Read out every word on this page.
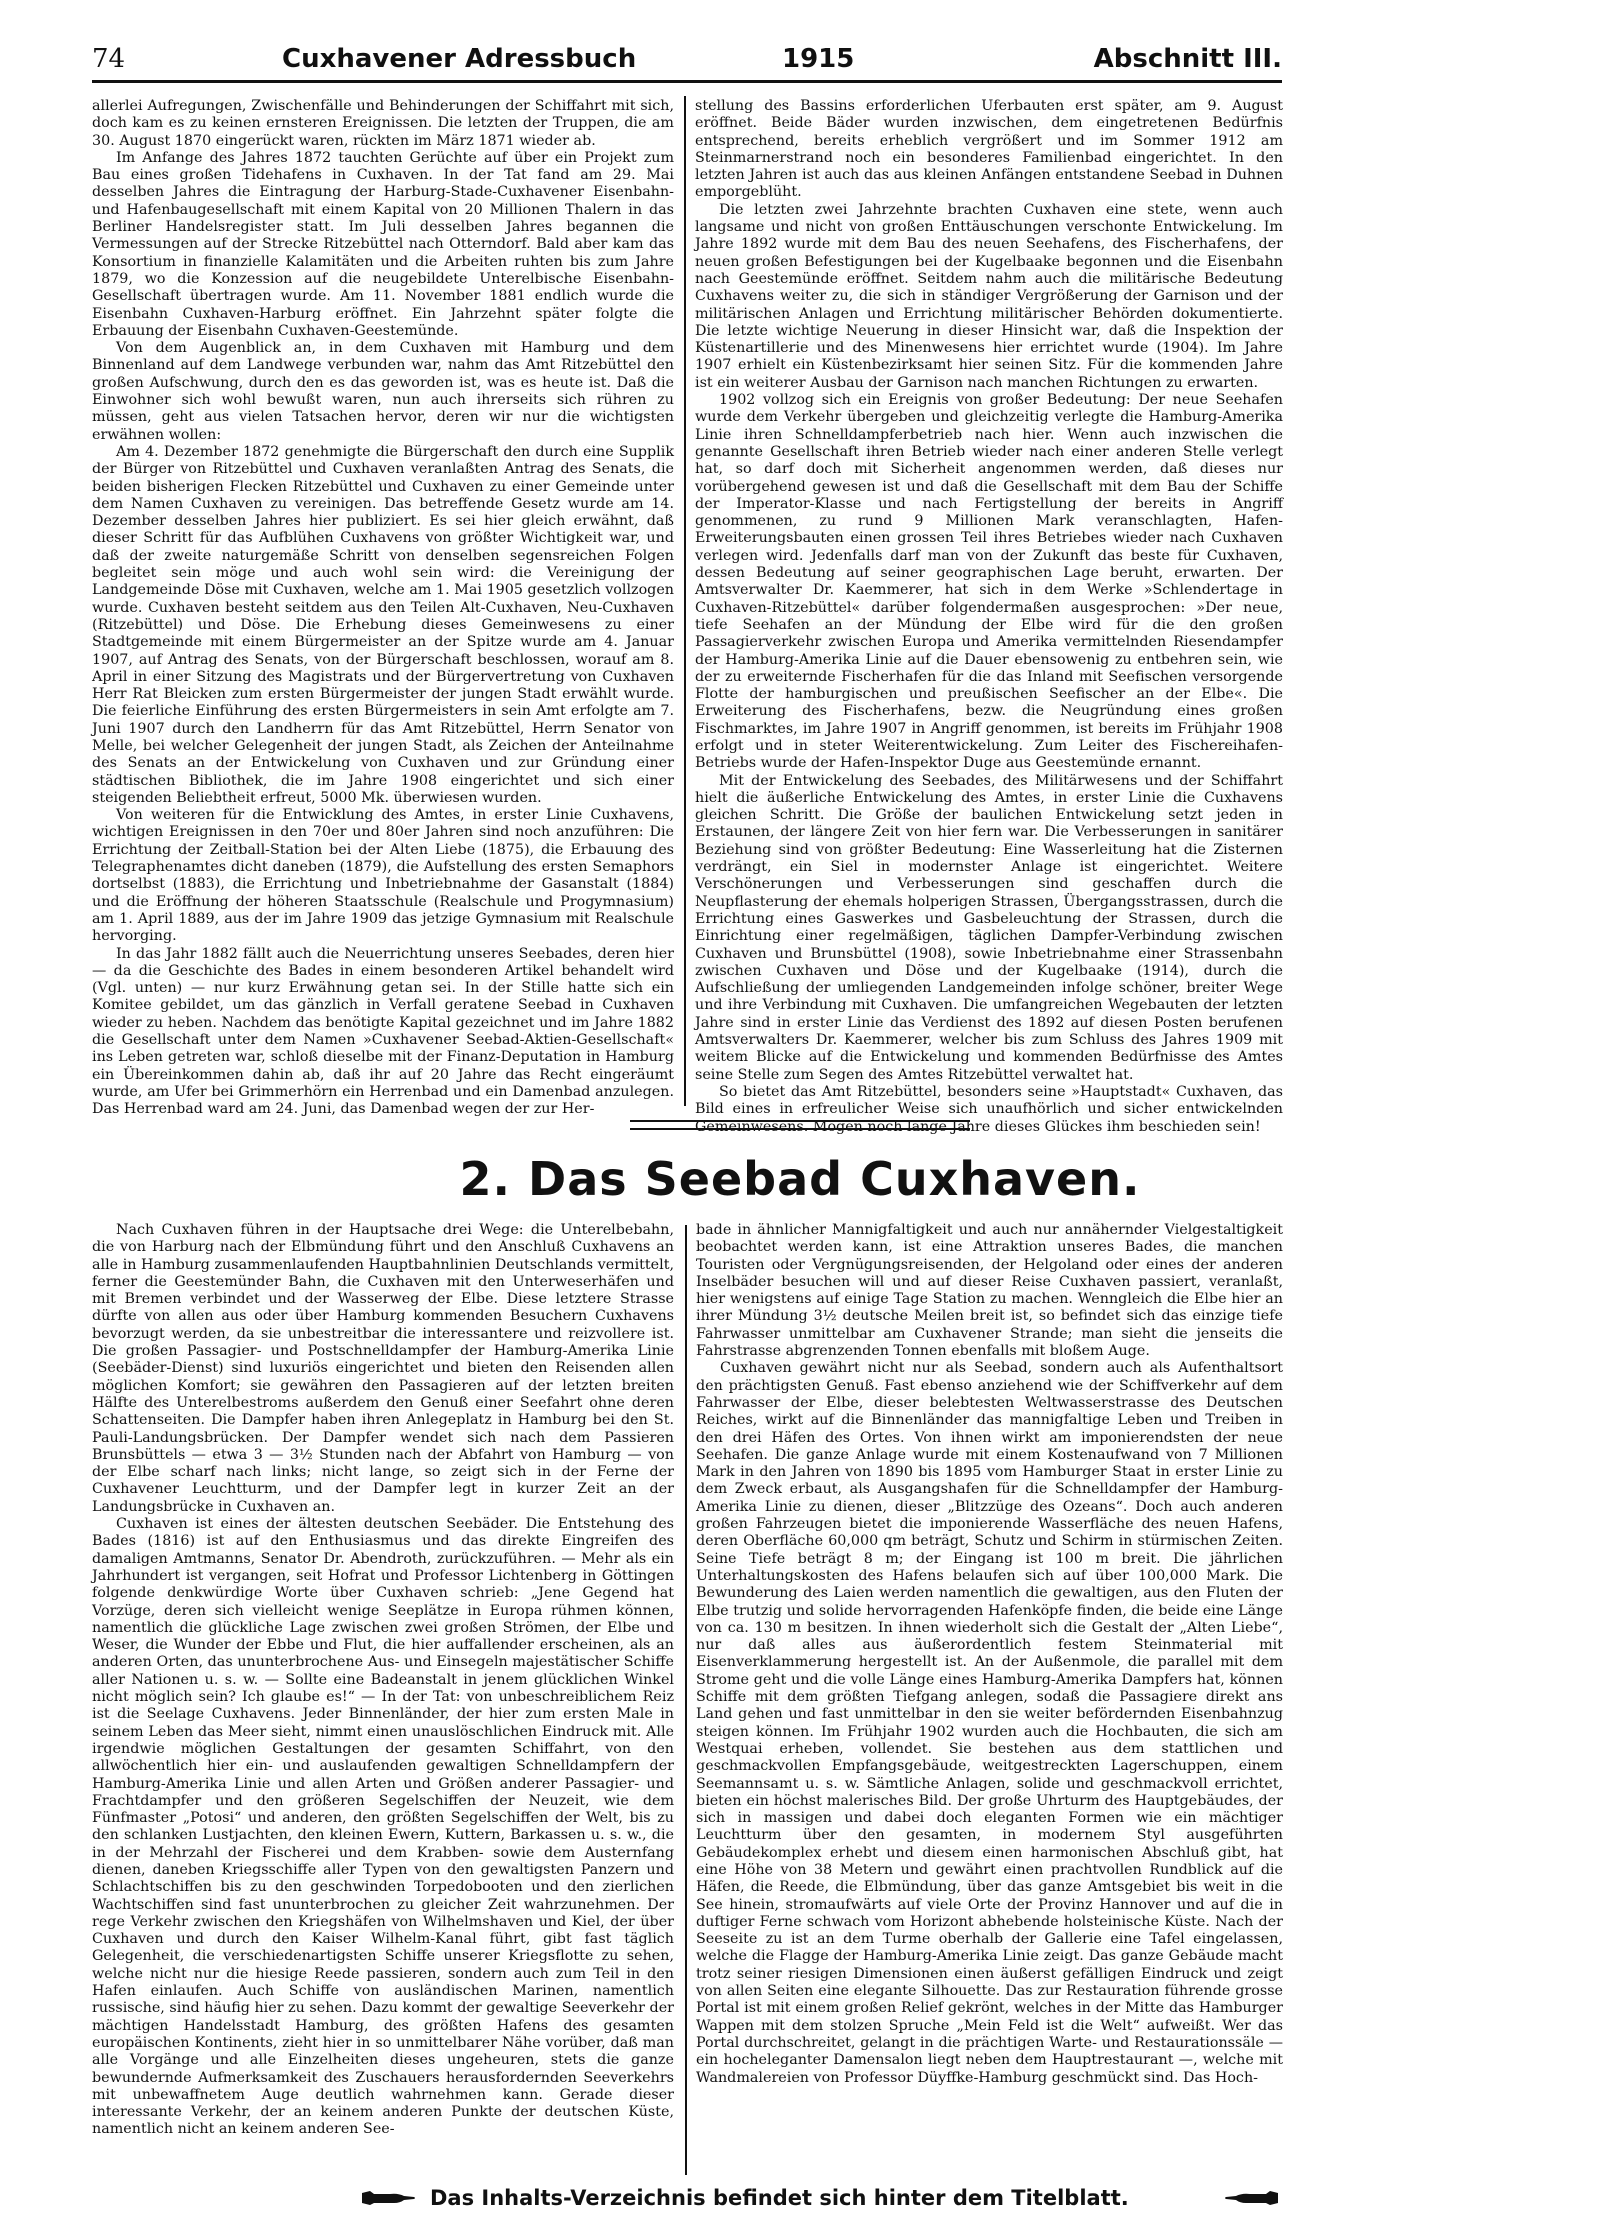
74	Cuxhavener Adressbuch	1915	Abschnitt III.

allerlei Aufregungen, Zwischenfälle und Behinderungen der Schiffahrt mit sich, doch kam es zu keinen ernsteren Ereignissen. Die letzten der Truppen, die am 30. August 1870 eingerückt waren, rückten im März 1871 wieder ab.

Im Anfange des Jahres 1872 tauchten Gerüchte auf über ein Projekt zum Bau eines großen Tidehafens in Cuxhaven. In der Tat fand am 29. Mai desselben Jahres die Eintragung der Harburg-Stade-Cuxhavener Eisenbahn- und Hafenbaugesellschaft mit einem Kapital von 20 Millionen Thalern in das Berliner Handelsregister statt. Im Juli desselben Jahres begannen die Vermessungen auf der Strecke Ritzebüttel nach Otterndorf. Bald aber kam das Konsortium in finanzielle Kalamitäten und die Arbeiten ruhten bis zum Jahre 1879, wo die Konzession auf die neugebildete Unterelbische Eisenbahn-Gesellschaft übertragen wurde. Am 11. November 1881 endlich wurde die Eisenbahn Cuxhaven-Harburg eröffnet. Ein Jahrzehnt später folgte die Erbauung der Eisenbahn Cuxhaven-Geestemünde.

Von dem Augenblick an, in dem Cuxhaven mit Hamburg und dem Binnenland auf dem Landwege verbunden war, nahm das Amt Ritzebüttel den großen Aufschwung, durch den es das geworden ist, was es heute ist. Daß die Einwohner sich wohl bewußt waren, nun auch ihrerseits sich rühren zu müssen, geht aus vielen Tatsachen hervor, deren wir nur die wichtigsten erwähnen wollen:

Am 4. Dezember 1872 genehmigte die Bürgerschaft den durch eine Supplik der Bürger von Ritzebüttel und Cuxhaven veranlaßten Antrag des Senats, die beiden bisherigen Flecken Ritzebüttel und Cuxhaven zu einer Gemeinde unter dem Namen Cuxhaven zu vereinigen. Das betreffende Gesetz wurde am 14. Dezember desselben Jahres hier publiziert. Es sei hier gleich erwähnt, daß dieser Schritt für das Aufblühen Cuxhavens von größter Wichtigkeit war, und daß der zweite naturgemäße Schritt von denselben segensreichen Folgen begleitet sein möge und auch wohl sein wird: die Vereinigung der Landgemeinde Döse mit Cuxhaven, welche am 1. Mai 1905 gesetzlich vollzogen wurde. Cuxhaven besteht seitdem aus den Teilen Alt-Cuxhaven, Neu-Cuxhaven (Ritzebüttel) und Döse. Die Erhebung dieses Gemeinwesens zu einer Stadtgemeinde mit einem Bürgermeister an der Spitze wurde am 4. Januar 1907, auf Antrag des Senats, von der Bürgerschaft beschlossen, worauf am 8. April in einer Sitzung des Magistrats und der Bürgervertretung von Cuxhaven Herr Rat Bleicken zum ersten Bürgermeister der jungen Stadt erwählt wurde. Die feierliche Einführung des ersten Bürgermeisters in sein Amt erfolgte am 7. Juni 1907 durch den Landherrn für das Amt Ritzebüttel, Herrn Senator von Melle, bei welcher Gelegenheit der jungen Stadt, als Zeichen der Anteilnahme des Senats an der Entwickelung von Cuxhaven und zur Gründung einer städtischen Bibliothek, die im Jahre 1908 eingerichtet und sich einer steigenden Beliebtheit erfreut, 5000 Mk. überwiesen wurden.

Von weiteren für die Entwicklung des Amtes, in erster Linie Cuxhavens, wichtigen Ereignissen in den 70er und 80er Jahren sind noch anzuführen: Die Errichtung der Zeitball-Station bei der Alten Liebe (1875), die Erbauung des Telegraphenamtes dicht daneben (1879), die Aufstellung des ersten Semaphors dortselbst (1883), die Errichtung und Inbetriebnahme der Gasanstalt (1884) und die Eröffnung der höheren Staatsschule (Realschule und Progymnasium) am 1. April 1889, aus der im Jahre 1909 das jetzige Gymnasium mit Realschule hervorging.

In das Jahr 1882 fällt auch die Neuerrichtung unseres Seebades, deren hier — da die Geschichte des Bades in einem besonderen Artikel behandelt wird (Vgl. unten) — nur kurz Erwähnung getan sei. In der Stille hatte sich ein Komitee gebildet, um das gänzlich in Verfall geratene Seebad in Cuxhaven wieder zu heben. Nachdem das benötigte Kapital gezeichnet und im Jahre 1882 die Gesellschaft unter dem Namen »Cuxhavener Seebad-Aktien-Gesellschaft« ins Leben getreten war, schloß dieselbe mit der Finanz-Deputation in Hamburg ein Übereinkommen dahin ab, daß ihr auf 20 Jahre das Recht eingeräumt wurde, am Ufer bei Grimmerhörn ein Herrenbad und ein Damenbad anzulegen. Das Herrenbad ward am 24. Juni, das Damenbad wegen der zur Her-

stellung des Bassins erforderlichen Uferbauten erst später, am 9. August eröffnet. Beide Bäder wurden inzwischen, dem eingetretenen Bedürfnis entsprechend, bereits erheblich vergrößert und im Sommer 1912 am Steinmarnerstrand noch ein besonderes Familienbad eingerichtet. In den letzten Jahren ist auch das aus kleinen Anfängen entstandene Seebad in Duhnen emporgeblüht.

Die letzten zwei Jahrzehnte brachten Cuxhaven eine stete, wenn auch langsame und nicht von großen Enttäuschungen verschonte Entwickelung. Im Jahre 1892 wurde mit dem Bau des neuen Seehafens, des Fischerhafens, der neuen großen Befestigungen bei der Kugelbaake begonnen und die Eisenbahn nach Geestemünde eröffnet. Seitdem nahm auch die militärische Bedeutung Cuxhavens weiter zu, die sich in ständiger Vergrößerung der Garnison und der militärischen Anlagen und Errichtung militärischer Behörden dokumentierte. Die letzte wichtige Neuerung in dieser Hinsicht war, daß die Inspektion der Küstenartillerie und des Minenwesens hier errichtet wurde (1904). Im Jahre 1907 erhielt ein Küstenbezirksamt hier seinen Sitz. Für die kommenden Jahre ist ein weiterer Ausbau der Garnison nach manchen Richtungen zu erwarten.

1902 vollzog sich ein Ereignis von großer Bedeutung: Der neue Seehafen wurde dem Verkehr übergeben und gleichzeitig verlegte die Hamburg-Amerika Linie ihren Schnelldampferbetrieb nach hier. Wenn auch inzwischen die genannte Gesellschaft ihren Betrieb wieder nach einer anderen Stelle verlegt hat, so darf doch mit Sicherheit angenommen werden, daß dieses nur vorübergehend gewesen ist und daß die Gesellschaft mit dem Bau der Schiffe der Imperator-Klasse und nach Fertigstellung der bereits in Angriff genommenen, zu rund 9 Millionen Mark veranschlagten, Hafen-Erweiterungsbauten einen grossen Teil ihres Betriebes wieder nach Cuxhaven verlegen wird. Jedenfalls darf man von der Zukunft das beste für Cuxhaven, dessen Bedeutung auf seiner geographischen Lage beruht, erwarten. Der Amtsverwalter Dr. Kaemmerer, hat sich in dem Werke »Schlendertage in Cuxhaven-Ritzebüttel« darüber folgendermaßen ausgesprochen: »Der neue, tiefe Seehafen an der Mündung der Elbe wird für die den großen Passagierverkehr zwischen Europa und Amerika vermittelnden Riesendampfer der Hamburg-Amerika Linie auf die Dauer ebensowenig zu entbehren sein, wie der zu erweiternde Fischerhafen für die das Inland mit Seefischen versorgende Flotte der hamburgischen und preußischen Seefischer an der Elbe«. Die Erweiterung des Fischerhafens, bezw. die Neugründung eines großen Fischmarktes, im Jahre 1907 in Angriff genommen, ist bereits im Frühjahr 1908 erfolgt und in steter Weiterentwickelung. Zum Leiter des Fischereihafen-Betriebs wurde der Hafen-Inspektor Duge aus Geestemünde ernannt.

Mit der Entwickelung des Seebades, des Militärwesens und der Schiffahrt hielt die äußerliche Entwickelung des Amtes, in erster Linie die Cuxhavens gleichen Schritt. Die Größe der baulichen Entwickelung setzt jeden in Erstaunen, der längere Zeit von hier fern war. Die Verbesserungen in sanitärer Beziehung sind von größter Bedeutung: Eine Wasserleitung hat die Zisternen verdrängt, ein Siel in modernster Anlage ist eingerichtet. Weitere Verschönerungen und Verbesserungen sind geschaffen durch die Neupflasterung der ehemals holperigen Strassen, Übergangsstrassen, durch die Errichtung eines Gaswerkes und Gasbeleuchtung der Strassen, durch die Einrichtung einer regelmäßigen, täglichen Dampfer-Verbindung zwischen Cuxhaven und Brunsbüttel (1908), sowie Inbetriebnahme einer Strassenbahn zwischen Cuxhaven und Döse und der Kugelbaake (1914), durch die Aufschließung der umliegenden Landgemeinden infolge schöner, breiter Wege und ihre Verbindung mit Cuxhaven. Die umfangreichen Wegebauten der letzten Jahre sind in erster Linie das Verdienst des 1892 auf diesen Posten berufenen Amtsverwalters Dr. Kaemmerer, welcher bis zum Schluss des Jahres 1909 mit weitem Blicke auf die Entwickelung und kommenden Bedürfnisse des Amtes seine Stelle zum Segen des Amtes Ritzebüttel verwaltet hat.

So bietet das Amt Ritzebüttel, besonders seine »Hauptstadt« Cuxhaven, das Bild eines in erfreulicher Weise sich unaufhörlich und sicher entwickelnden Gemeinwesens. Mögen noch lange Jahre dieses Glückes ihm beschieden sein!

2. Das Seebad Cuxhaven.

Nach Cuxhaven führen in der Hauptsache drei Wege: die Unterelbebahn, die von Harburg nach der Elbmündung führt und den Anschluß Cuxhavens an alle in Hamburg zusammenlaufenden Hauptbahnlinien Deutschlands vermittelt, ferner die Geestemünder Bahn, die Cuxhaven mit den Unterweserhäfen und mit Bremen verbindet und der Wasserweg der Elbe. Diese letztere Strasse dürfte von allen aus oder über Hamburg kommenden Besuchern Cuxhavens bevorzugt werden, da sie unbestreitbar die interessantere und reizvollere ist. Die großen Passagier- und Postschnelldampfer der Hamburg-Amerika Linie (Seebäder-Dienst) sind luxuriös eingerichtet und bieten den Reisenden allen möglichen Komfort; sie gewähren den Passagieren auf der letzten breiten Hälfte des Unterelbestroms außerdem den Genuß einer Seefahrt ohne deren Schattenseiten. Die Dampfer haben ihren Anlegeplatz in Hamburg bei den St. Pauli-Landungsbrücken. Der Dampfer wendet sich nach dem Passieren Brunsbüttels — etwa 3 — 3½ Stunden nach der Abfahrt von Hamburg — von der Elbe scharf nach links; nicht lange, so zeigt sich in der Ferne der Cuxhavener Leuchtturm, und der Dampfer legt in kurzer Zeit an der Landungsbrücke in Cuxhaven an.

Cuxhaven ist eines der ältesten deutschen Seebäder. Die Entstehung des Bades (1816) ist auf den Enthusiasmus und das direkte Eingreifen des damaligen Amtmanns, Senator Dr. Abendroth, zurückzuführen. — Mehr als ein Jahrhundert ist vergangen, seit Hofrat und Professor Lichtenberg in Göttingen folgende denkwürdige Worte über Cuxhaven schrieb: „Jene Gegend hat Vorzüge, deren sich vielleicht wenige Seeplätze in Europa rühmen können, namentlich die glückliche Lage zwischen zwei großen Strömen, der Elbe und Weser, die Wunder der Ebbe und Flut, die hier auffallender erscheinen, als an anderen Orten, das ununterbrochene Aus- und Einsegeln majestätischer Schiffe aller Nationen u. s. w. — Sollte eine Badeanstalt in jenem glücklichen Winkel nicht möglich sein? Ich glaube es!“ — In der Tat: von unbeschreiblichem Reiz ist die Seelage Cuxhavens. Jeder Binnenländer, der hier zum ersten Male in seinem Leben das Meer sieht, nimmt einen unauslöschlichen Eindruck mit. Alle irgendwie möglichen Gestaltungen der gesamten Schiffahrt, von den allwöchentlich hier ein- und auslaufenden gewaltigen Schnelldampfern der Hamburg-Amerika Linie und allen Arten und Größen anderer Passagier- und Frachtdampfer und den größeren Segelschiffen der Neuzeit, wie dem Fünfmaster „Potosi“ und anderen, den größten Segelschiffen der Welt, bis zu den schlanken Lustjachten, den kleinen Ewern, Kuttern, Barkassen u. s. w., die in der Mehrzahl der Fischerei und dem Krabben- sowie dem Austernfang dienen, daneben Kriegsschiffe aller Typen von den gewaltigsten Panzern und Schlachtschiffen bis zu den geschwinden Torpedobooten und den zierlichen Wachtschiffen sind fast ununterbrochen zu gleicher Zeit wahrzunehmen. Der rege Verkehr zwischen den Kriegshäfen von Wilhelmshaven und Kiel, der über Cuxhaven und durch den Kaiser Wilhelm-Kanal führt, gibt fast täglich Gelegenheit, die verschiedenartigsten Schiffe unserer Kriegsflotte zu sehen, welche nicht nur die hiesige Reede passieren, sondern auch zum Teil in den Hafen einlaufen. Auch Schiffe von ausländischen Marinen, namentlich russische, sind häufig hier zu sehen. Dazu kommt der gewaltige Seeverkehr der mächtigen Handelsstadt Hamburg, des größten Hafens des gesamten europäischen Kontinents, zieht hier in so unmittelbarer Nähe vorüber, daß man alle Vorgänge und alle Einzelheiten dieses ungeheuren, stets die ganze bewundernde Aufmerksamkeit des Zuschauers herausfordernden Seeverkehrs mit unbewaffnetem Auge deutlich wahrnehmen kann. Gerade dieser interessante Verkehr, der an keinem anderen Punkte der deutschen Küste, namentlich nicht an keinem anderen See-

bade in ähnlicher Mannigfaltigkeit und auch nur annähernder Vielgestaltigkeit beobachtet werden kann, ist eine Attraktion unseres Bades, die manchen Touristen oder Vergnügungsreisenden, der Helgoland oder eines der anderen Inselbäder besuchen will und auf dieser Reise Cuxhaven passiert, veranlaßt, hier wenigstens auf einige Tage Station zu machen. Wenngleich die Elbe hier an ihrer Mündung 3½ deutsche Meilen breit ist, so befindet sich das einzige tiefe Fahrwasser unmittelbar am Cuxhavener Strande; man sieht die jenseits die Fahrstrasse abgrenzenden Tonnen ebenfalls mit bloßem Auge.

Cuxhaven gewährt nicht nur als Seebad, sondern auch als Aufenthaltsort den prächtigsten Genuß. Fast ebenso anziehend wie der Schiffverkehr auf dem Fahrwasser der Elbe, dieser belebtesten Weltwasserstrasse des Deutschen Reiches, wirkt auf die Binnenländer das mannigfaltige Leben und Treiben in den drei Häfen des Ortes. Von ihnen wirkt am imponierendsten der neue Seehafen. Die ganze Anlage wurde mit einem Kostenaufwand von 7 Millionen Mark in den Jahren von 1890 bis 1895 vom Hamburger Staat in erster Linie zu dem Zweck erbaut, als Ausgangshafen für die Schnelldampfer der Hamburg-Amerika Linie zu dienen, dieser „Blitzzüge des Ozeans“. Doch auch anderen großen Fahrzeugen bietet die imponierende Wasserfläche des neuen Hafens, deren Oberfläche 60,000 qm beträgt, Schutz und Schirm in stürmischen Zeiten. Seine Tiefe beträgt 8 m; der Eingang ist 100 m breit. Die jährlichen Unterhaltungskosten des Hafens belaufen sich auf über 100,000 Mark. Die Bewunderung des Laien werden namentlich die gewaltigen, aus den Fluten der Elbe trutzig und solide hervorragenden Hafenköpfe finden, die beide eine Länge von ca. 130 m besitzen. In ihnen wiederholt sich die Gestalt der „Alten Liebe“, nur daß alles aus äußerordentlich festem Steinmaterial mit Eisenverklammerung hergestellt ist. An der Außenmole, die parallel mit dem Strome geht und die volle Länge eines Hamburg-Amerika Dampfers hat, können Schiffe mit dem größten Tiefgang anlegen, sodaß die Passagiere direkt ans Land gehen und fast unmittelbar in den sie weiter befördernden Eisenbahnzug steigen können. Im Frühjahr 1902 wurden auch die Hochbauten, die sich am Westquai erheben, vollendet. Sie bestehen aus dem stattlichen und geschmackvollen Empfangsgebäude, weitgestreckten Lagerschuppen, einem Seemannsamt u. s. w. Sämtliche Anlagen, solide und geschmackvoll errichtet, bieten ein höchst malerisches Bild. Der große Uhrturm des Hauptgebäudes, der sich in massigen und dabei doch eleganten Formen wie ein mächtiger Leuchtturm über den gesamten, in modernem Styl ausgeführten Gebäudekomplex erhebt und diesem einen harmonischen Abschluß gibt, hat eine Höhe von 38 Metern und gewährt einen prachtvollen Rundblick auf die Häfen, die Reede, die Elbmündung, über das ganze Amtsgebiet bis weit in die See hinein, stromaufwärts auf viele Orte der Provinz Hannover und auf die in duftiger Ferne schwach vom Horizont abhebende holsteinische Küste. Nach der Seeseite zu ist an dem Turme oberhalb der Gallerie eine Tafel eingelassen, welche die Flagge der Hamburg-Amerika Linie zeigt. Das ganze Gebäude macht trotz seiner riesigen Dimensionen einen äußerst gefälligen Eindruck und zeigt von allen Seiten eine elegante Silhouette. Das zur Restauration führende grosse Portal ist mit einem großen Relief gekrönt, welches in der Mitte das Hamburger Wappen mit dem stolzen Spruche „Mein Feld ist die Welt“ aufweißt. Wer das Portal durchschreitet, gelangt in die prächtigen Warte- und Restaurationssäle — ein hocheleganter Damensalon liegt neben dem Hauptrestaurant —, welche mit Wandmalereien von Professor Düyffke-Hamburg geschmückt sind. Das Hoch-

Das Inhalts-Verzeichnis befindet sich hinter dem Titelblatt.
